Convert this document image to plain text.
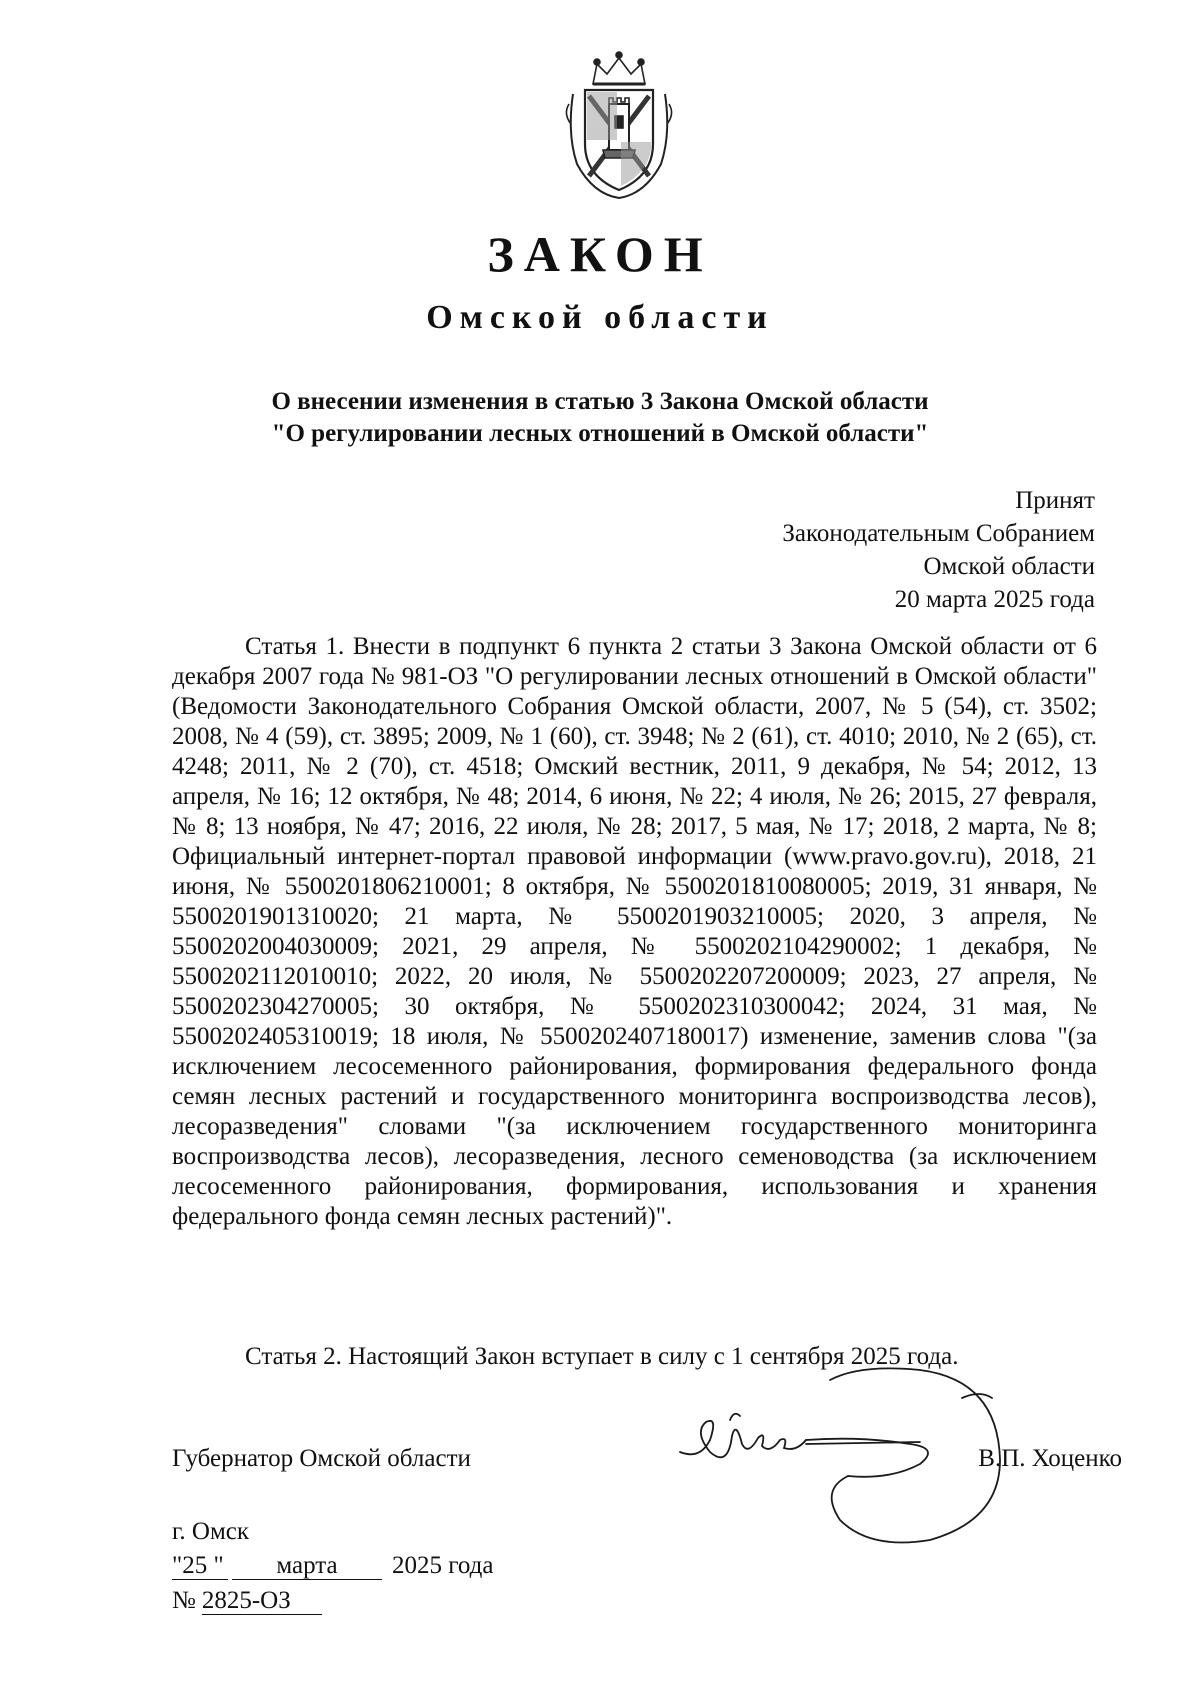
ЗАКОН
Омской области
О внесении изменения в статью 3 Закона Омской области
"О регулировании лесных отношений в Омской области"
Принят
Законодательным Собранием
Омской области
20 марта 2025 года

Статья 1. Внести в подпункт 6 пункта 2 статьи 3 Закона Омской области от 6 декабря 2007 года № 981-ОЗ "О регулировании лесных отношений в Омской области" (Ведомости Законодательного Собрания Омской области, 2007, № 5 (54), ст. 3502; 2008, № 4 (59), ст. 3895; 2009, № 1 (60), ст. 3948; № 2 (61), ст. 4010; 2010, № 2 (65), ст. 4248; 2011, № 2 (70), ст. 4518; Омский вестник, 2011, 9 декабря, № 54; 2012, 13 апреля, № 16; 12 октября, № 48; 2014, 6 июня, № 22; 4 июля, № 26; 2015, 27 февраля, № 8; 13 ноября, № 47; 2016, 22 июля, № 28; 2017, 5 мая, № 17; 2018, 2 марта, № 8; Официальный интернет-портал правовой информации (www.pravo.gov.ru), 2018, 21 июня, № 5500201806210001; 8 октября, № 5500201810080005; 2019, 31 января, № 5500201901310020; 21 марта, № 5500201903210005; 2020, 3 апреля, № 5500202004030009; 2021, 29 апреля, № 5500202104290002; 1 декабря, № 5500202112010010; 2022, 20 июля, № 5500202207200009; 2023, 27 апреля, № 5500202304270005; 30 октября, № 5500202310300042; 2024, 31 мая, № 5500202405310019; 18 июля, № 5500202407180017) изменение, заменив слова "(за исключением лесосеменного районирования, формирования федерального фонда семян лесных растений и государственного мониторинга воспроизводства лесов), лесоразведения" словами "(за исключением государственного мониторинга воспроизводства лесов), лесоразведения, лесного семеноводства (за исключением лесосеменного районирования, формирования, использования и хранения федерального фонда семян лесных растений)".

Статья 2. Настоящий Закон вступает в силу с 1 сентября 2025 года.
Губернатор Омской области	В.П. Хоценко
г. Омск
"25 " марта 2025 года
№ 2825-ОЗ
